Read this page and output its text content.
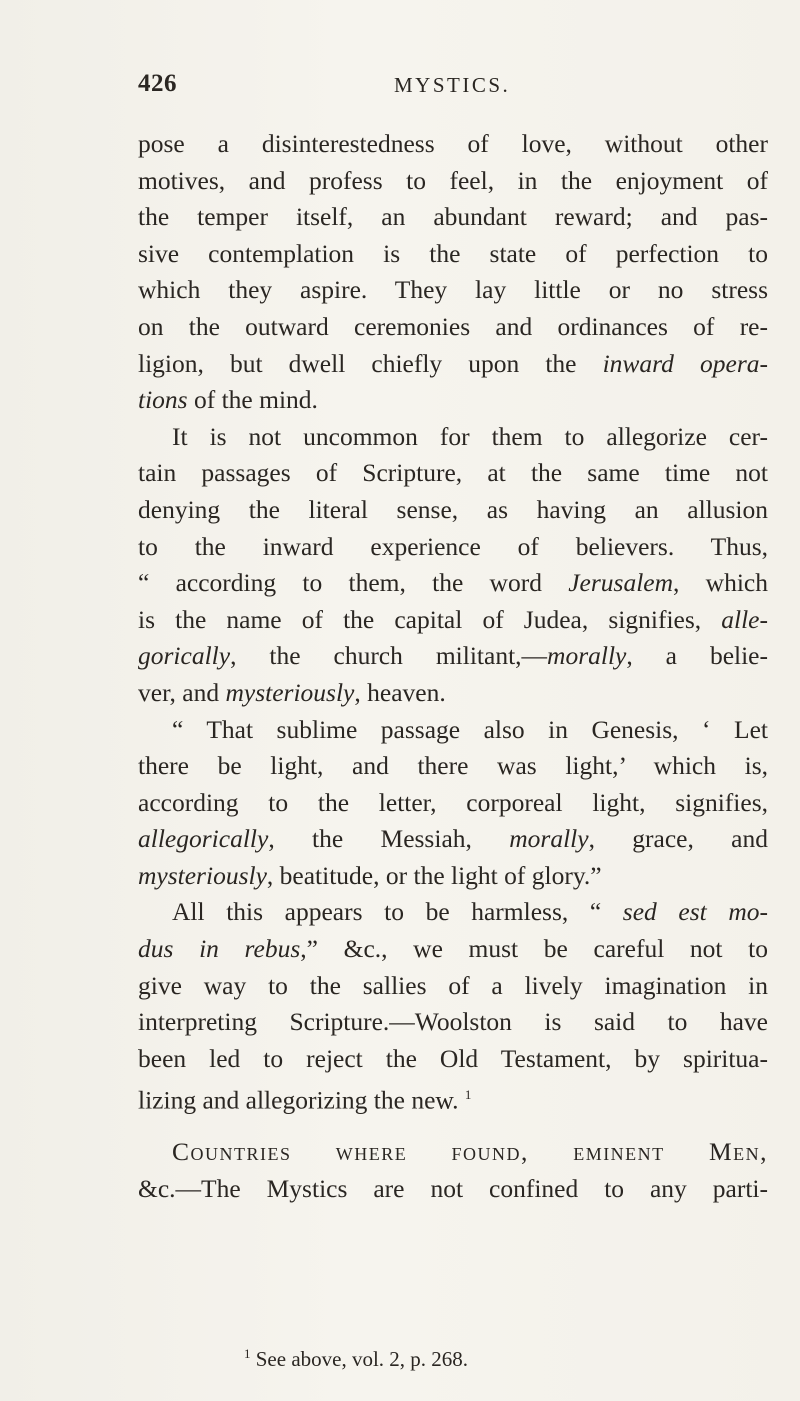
426	MYSTICS.
pose a disinterestedness of love, without other
motives, and profess to feel, in the enjoyment of
the temper itself, an abundant reward; and pas-
sive contemplation is the state of perfection to
which they aspire. They lay little or no stress
on the outward ceremonies and ordinances of re-
ligion, but dwell chiefly upon the inward opera-
tions of the mind.
It is not uncommon for them to allegorize cer-
tain passages of Scripture, at the same time not
denying the literal sense, as having an allusion
to the inward experience of believers. Thus,
“ according to them, the word Jerusalem, which
is the name of the capital of Judea, signifies, alle-
gorically, the church militant,—morally, a belie-
ver, and mysteriously, heaven.
“ That sublime passage also in Genesis, ‘ Let
there be light, and there was light,’ which is,
according to the letter, corporeal light, signifies,
allegorically, the Messiah, morally, grace, and
mysteriously, beatitude, or the light of glory.”
All this appears to be harmless, “ sed est mo-
dus in rebus,” &c., we must be careful not to
give way to the sallies of a lively imagination in
interpreting Scripture.—Woolston is said to have
been led to reject the Old Testament, by spiritua-
lizing and allegorizing the new. $^1$
Countries where found, eminent Men,
&c.—The Mystics are not confined to any parti-
$^1$ See above, vol. 2, p. 268.
